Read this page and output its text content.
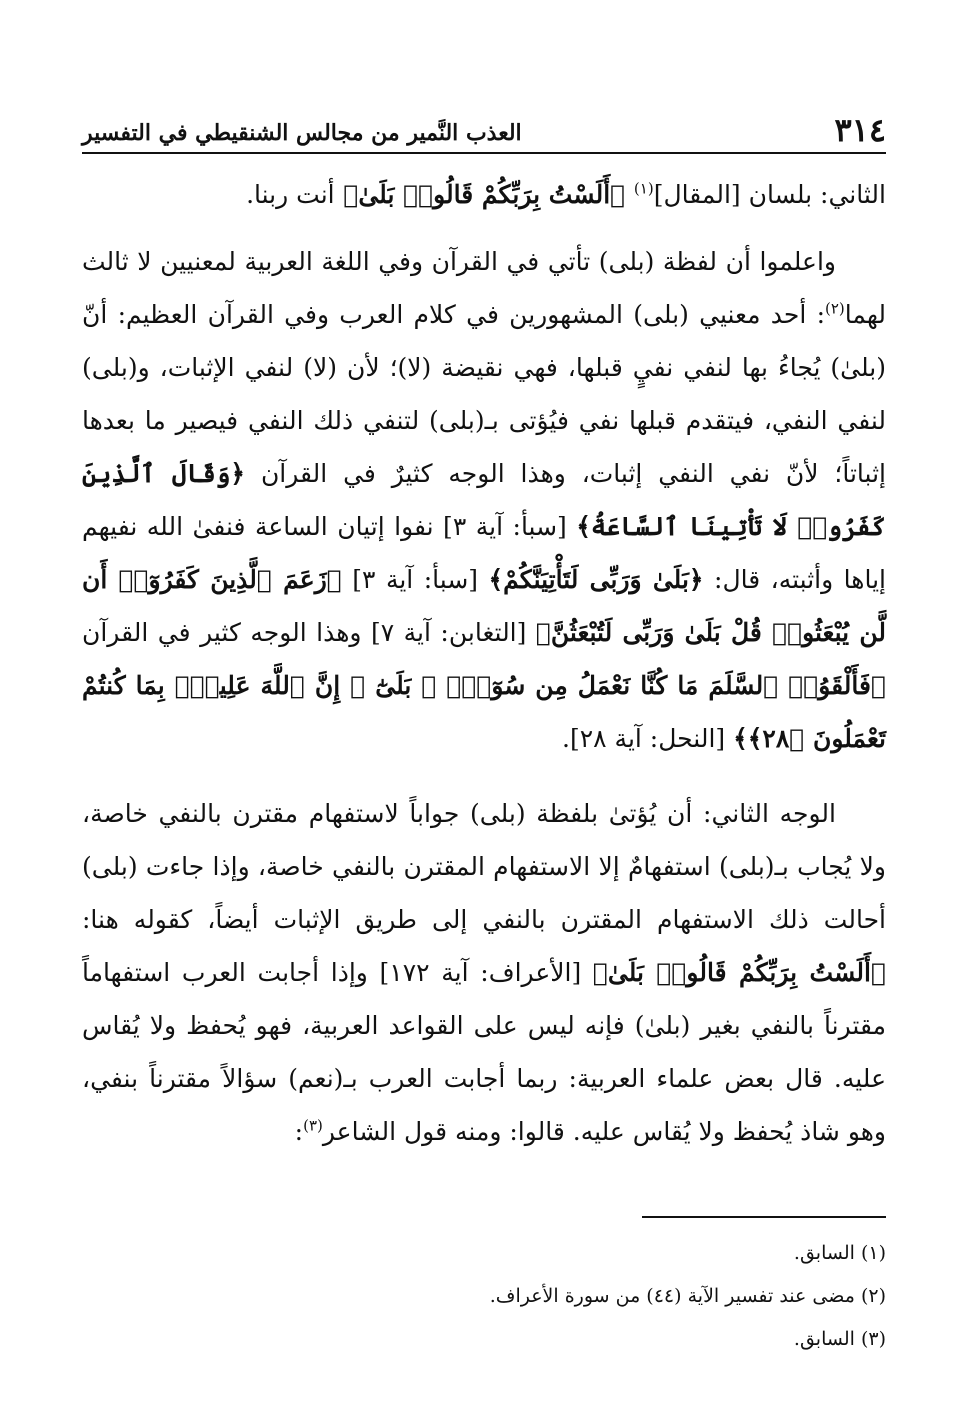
٣١٤
العذب النَّمير من مجالس الشنقيطي في التفسير

الثاني: بلسان [المقال]$^{(١)}$ ﴿أَلَسْتُ بِرَبِّكُمْ قَالُوا۟ بَلَىٰ﴾ أنت ربنا.

واعلموا أن لفظة (بلى) تأتي في القرآن وفي اللغة العربية لمعنيين لا ثالث لهما$^{(٢)}$: أحد معنيي (بلى) المشهورين في كلام العرب وفي القرآن العظيم: أنّ (بلىٰ) يُجاءُ بها لنفي نفيٍ قبلها، فهي نقيضة (لا)؛ لأن (لا) لنفي الإثبات، و(بلى) لنفي النفي، فيتقدم قبلها نفي فيُؤتى بـ(بلى) لتنفي ذلك النفي فيصير ما بعدها إثباتاً؛ لأنّ نفي النفي إثبات، وهذا الوجه كثيرٌ في القرآن ﴿وَقَالَ ٱلَّذِينَ كَفَرُوا۟ لَا تَأْتِينَا ٱلسَّاعَةُ﴾ [سبأ: آية ٣] نفوا إتيان الساعة فنفىٰ الله نفيهم إياها وأثبته، قال: ﴿بَلَىٰ وَرَبِّى لَتَأْتِيَنَّكُمْ﴾ [سبأ: آية ٣] ﴿زَعَمَ ٱلَّذِينَ كَفَرُوٓا۟ أَن لَّن يُبْعَثُوا۟ قُلْ بَلَىٰ وَرَبِّى لَتُبْعَثُنَّ﴾ [التغابن: آية ٧] وهذا الوجه كثير في القرآن ﴿فَأَلْقَوُا۟ ٱلسَّلَمَ مَا كُنَّا نَعْمَلُ مِن سُوٓءٍۭ ۚ بَلَىٰٓ ۚ إِنَّ ٱللَّهَ عَلِيمٌۢ بِمَا كُنتُمْ تَعْمَلُونَ ﴿٢٨﴾﴾ [النحل: آية ٢٨].

الوجه الثاني: أن يُؤتىٰ بلفظة (بلى) جواباً لاستفهام مقترن بالنفي خاصة، ولا يُجاب بـ(بلى) استفهامٌ إلا الاستفهام المقترن بالنفي خاصة، وإذا جاءت (بلى) أحالت ذلك الاستفهام المقترن بالنفي إلى طريق الإثبات أيضاً، كقوله هنا: ﴿أَلَسْتُ بِرَبِّكُمْ قَالُوا۟ بَلَىٰ﴾ [الأعراف: آية ١٧٢] وإذا أجابت العرب استفهاماً مقترناً بالنفي بغير (بلىٰ) فإنه ليس على القواعد العربية، فهو يُحفظ ولا يُقاس عليه. قال بعض علماء العربية: ربما أجابت العرب بـ(نعم) سؤالاً مقترناً بنفي، وهو شاذ يُحفظ ولا يُقاس عليه. قالوا: ومنه قول الشاعر$^{(٣)}$:

(١) السابق.

(٢) مضى عند تفسير الآية (٤٤) من سورة الأعراف.

(٣) السابق.
